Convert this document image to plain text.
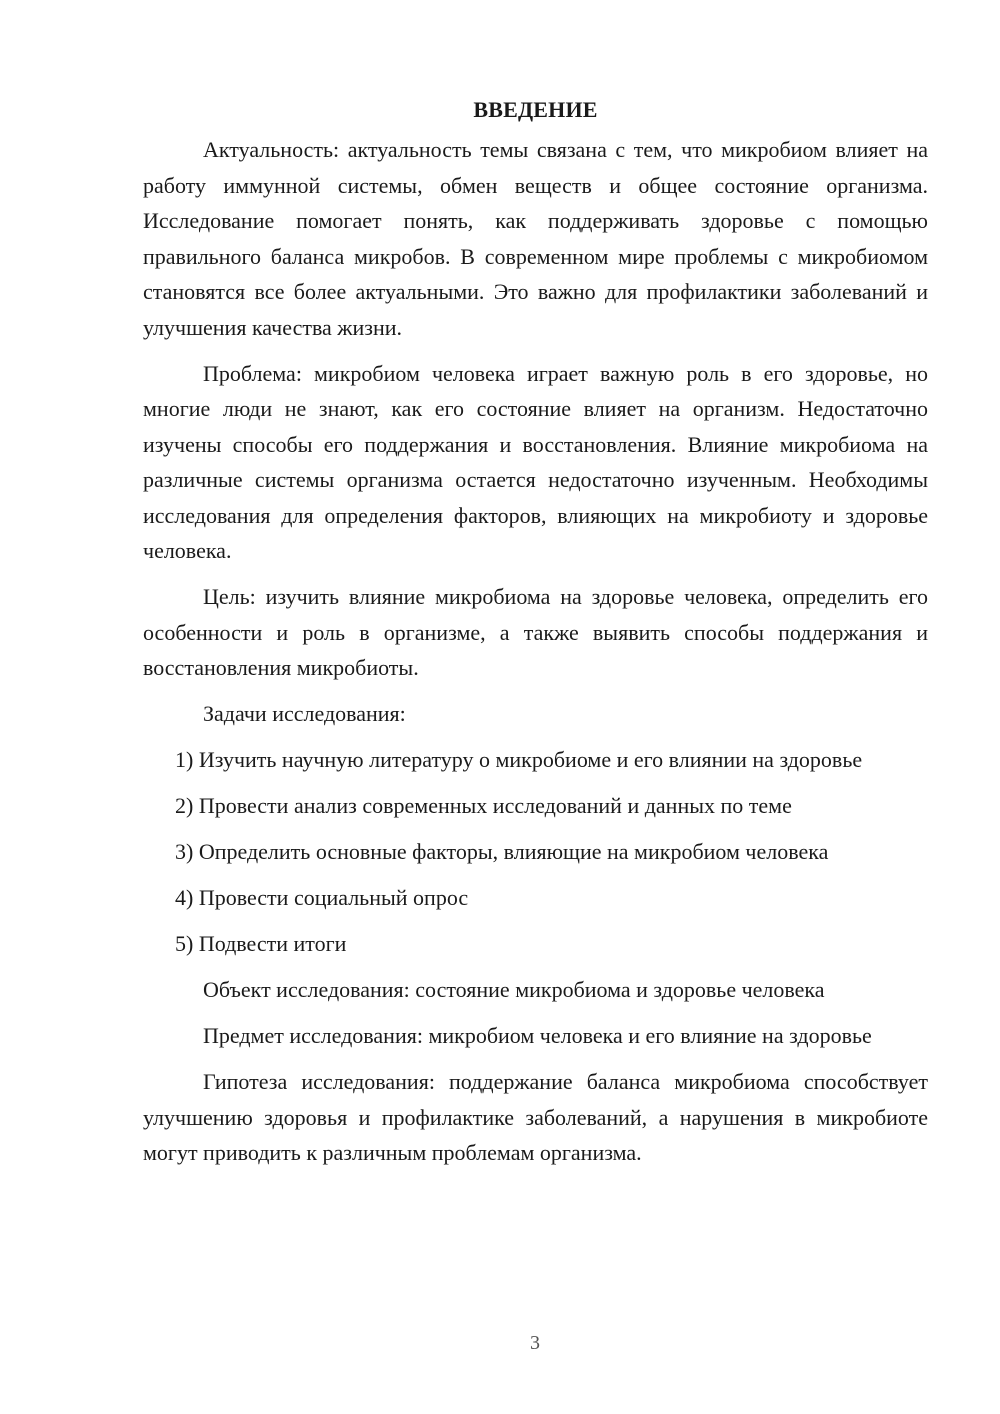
ВВЕДЕНИЕ

Актуальность: актуальность темы связана с тем, что микробиом влияет на работу иммунной системы, обмен веществ и общее состояние организма. Исследование помогает понять, как поддерживать здоровье с помощью правильного баланса микробов. В современном мире проблемы с микробиомом становятся все более актуальными. Это важно для профилактики заболеваний и улучшения качества жизни.

Проблема: микробиом человека играет важную роль в его здоровье, но многие люди не знают, как его состояние влияет на организм. Недостаточно изучены способы его поддержания и восстановления. Влияние микробиома на различные системы организма остается недостаточно изученным. Необходимы исследования для определения факторов, влияющих на микробиоту и здоровье человека.

Цель: изучить влияние микробиома на здоровье человека, определить его особенности и роль в организме, а также выявить способы поддержания и восстановления микробиоты.

Задачи исследования:

1) Изучить научную литературу о микробиоме и его влиянии на здоровье

2) Провести анализ современных исследований и данных по теме

3) Определить основные факторы, влияющие на микробиом человека

4) Провести социальный опрос

5) Подвести итоги

Объект исследования: состояние микробиома и здоровье человека

Предмет исследования: микробиом человека и его влияние на здоровье

Гипотеза исследования: поддержание баланса микробиома способствует улучшению здоровья и профилактике заболеваний, а нарушения в микробиоте могут приводить к различным проблемам организма.

3
